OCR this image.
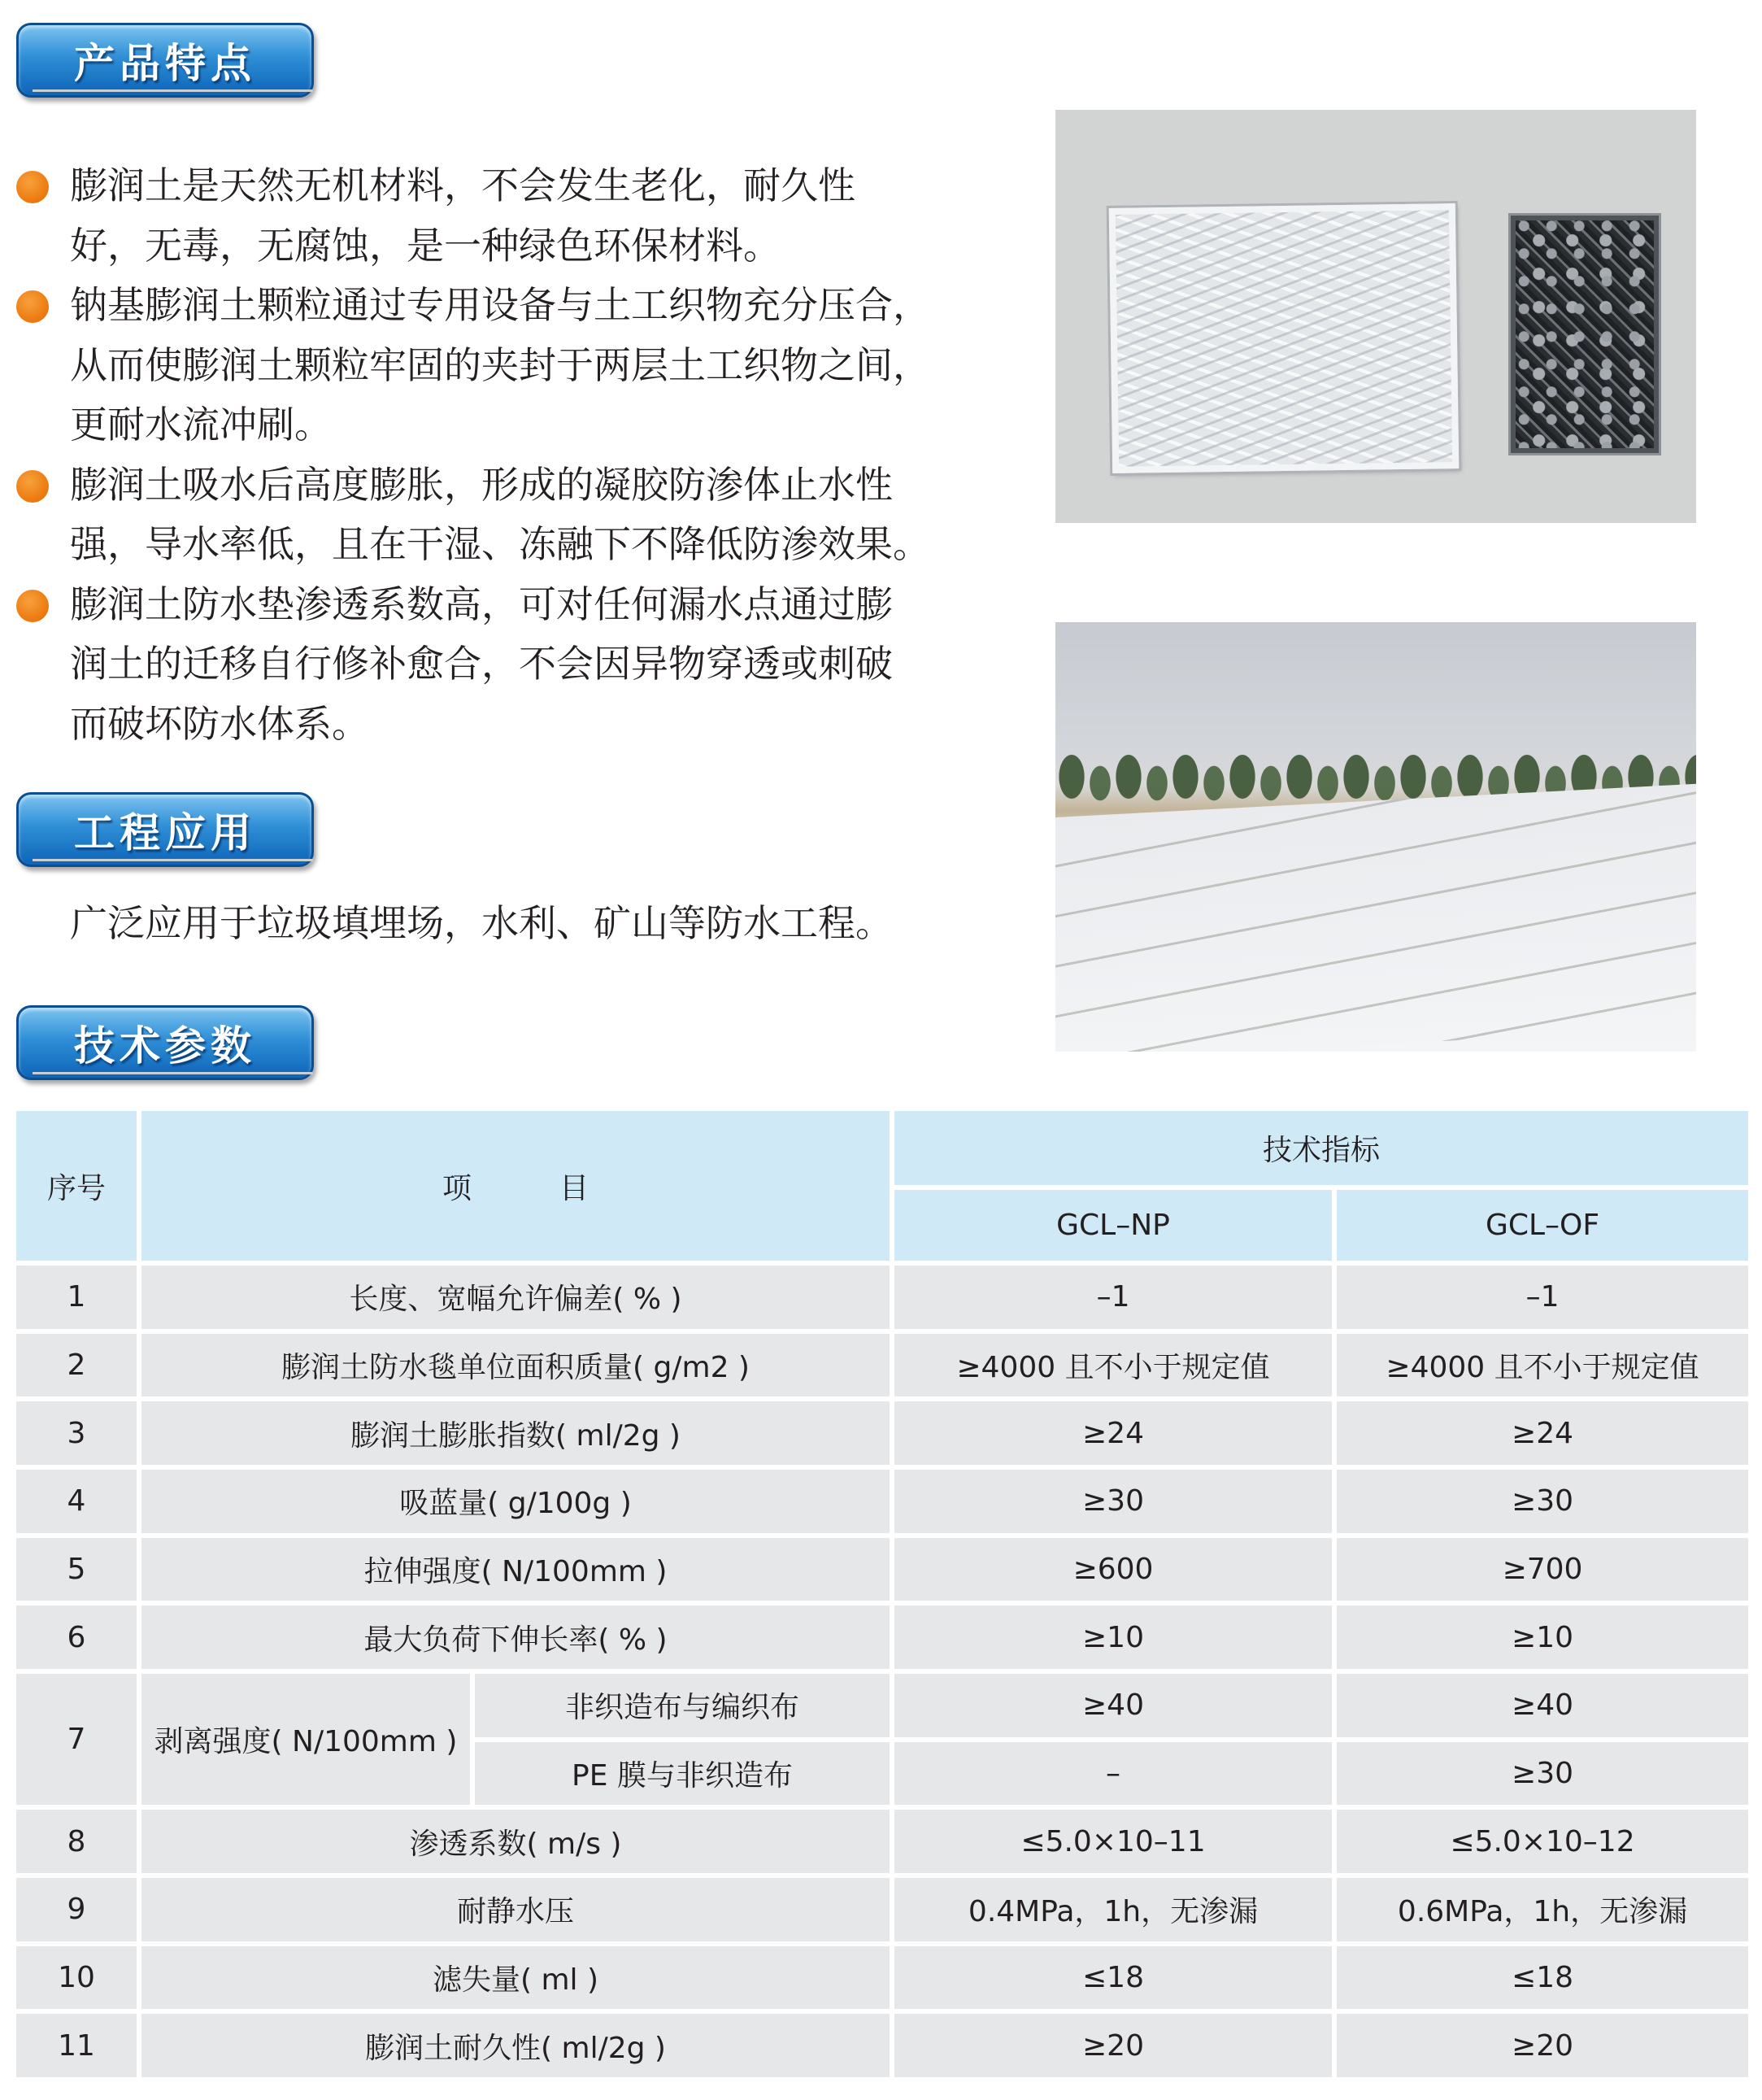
产品特点
膨润土是天然无机材料，不会发生老化，耐久性
好，无毒，无腐蚀，是一种绿色环保材料。
钠基膨润土颗粒通过专用设备与土工织物充分压合，
从而使膨润土颗粒牢固的夹封于两层土工织物之间，
更耐水流冲刷。
膨润土吸水后高度膨胀，形成的凝胶防渗体止水性
强，导水率低，且在干湿、冻融下不降低防渗效果。
膨润土防水垫渗透系数高，可对任何漏水点通过膨
润土的迁移自行修补愈合，不会因异物穿透或刺破
而破坏防水体系。
工程应用
广泛应用于垃圾填埋场，水利、矿山等防水工程。
技术参数
序号	项　　　目		技术指标	
			GCL–NP	GCL–OF
1	长度、宽幅允许偏差( % )		–1	–1
2	膨润土防水毯单位面积质量( g/m2 )		≥4000 且不小于规定值	≥4000 且不小于规定值
3	膨润土膨胀指数( ml/2g )		≥24	≥24
4	吸蓝量( g/100g )		≥30	≥30
5	拉伸强度( N/100mm )		≥600	≥700
6	最大负荷下伸长率( % )		≥10	≥10
7	剥离强度( N/100mm )	非织造布与编织布	≥40	≥40
		PE 膜与非织造布	–	≥30
8	渗透系数( m/s )		≤5.0×10–11	≤5.0×10–12
9	耐静水压		0.4MPa，1h，无渗漏	0.6MPa，1h，无渗漏
10	滤失量( ml )		≤18	≤18
11	膨润土耐久性( ml/2g )		≥20	≥20
